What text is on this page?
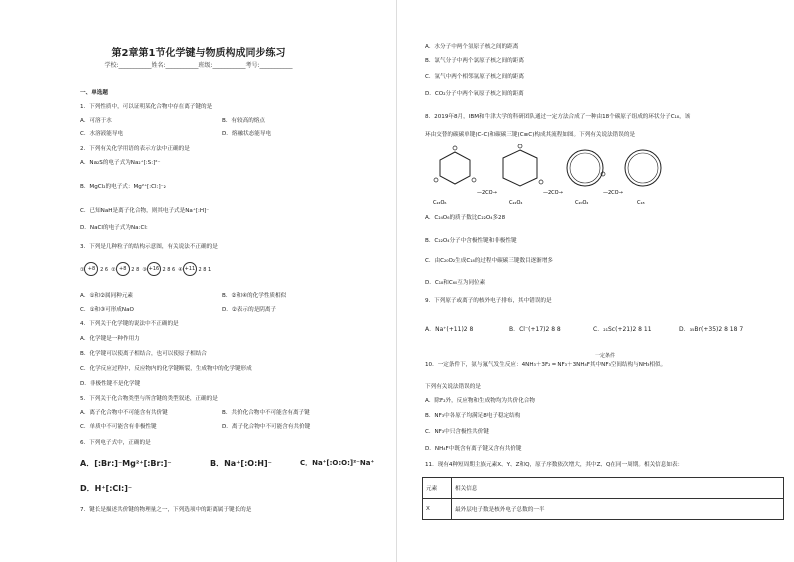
第2章第1节化学键与物质构成同步练习
学校:___________姓名:___________班级:___________考号:___________
一、单选题
1．下列性质中，可以证明某化合物中存在离子键的是
A．可溶于水	B．有较高的熔点
C．水溶液能导电	D．熔融状态能导电
2．下列有关化学用语的表示方法中正确的是
A．Na₂S的电子式为Na₂⁺[:S:]²⁻
B．MgCl₂的电子式：Mg²⁺[:Cl:]⁻₂
C．已知NaH是离子化合物，则其电子式是Na⁺[:H]⁻
D．NaCl的电子式为Na:Cl:
3．下列是几种粒子的结构示意图，有关说法不正确的是
A．①和②属同种元素	B．②和④的化学性质相似
C．①和③可形成NaO	D．②表示的是阴离子
4．下列关于化学键的说法中不正确的是
A．化学键是一种作用力
B．化学键可以使离子相结合，也可以使原子相结合
C．化学反应过程中，反应物内的化学键断裂，生成物中的化学键形成
D．非极性键不是化学键
5．下列关于化合物类型与所含键的类型叙述，正确的是
A．离子化合物中不可能含有共价键	B．共价化合物中不可能含有离子键
C．单质中不可能含有非极性键	D．离子化合物中不可能含有共价键
6．下列电子式中，正确的是
7．键长是描述共价键的物理量之一，下列选项中的距离属于键长的是
① +8 2 6 ② +8 2 8 ③ +16 2 8 6 ④ +11 2 8 1
A．[:Br:]⁻Mg²⁺[:Br:]⁻	B．Na⁺[:O:H]⁻	C．Na⁺[:O:O:]²⁻Na⁺
D．H⁺[:Cl:]⁻
A．水分子中两个氢原子核之间的距离
B．氯气分子中两个氯原子核之间的距离
C．氩气中两个相邻氩原子核之间的距离
D．CO₂分子中两个氧原子核之间的距离
8．2019年8月，IBM和牛津大学的科研团队通过一定方法合成了一种由18个碳原子组成的环状分子C₁₈，该
环由交替的碳碳单键(C-C)和碳碳三键(C≡C)构成其流程如图。下列有关说法错误的是
A．C₂₄O₆的质子数比C₂₂O₄多28
B．C₂₂O₄分子中含极性键和非极性键
C．由C₂₀O₂生成C₁₈的过程中碳碳三键数目逐渐增多
D．C₁₈和C₆₀互为同位素
9．下列原子或离子的核外电子排布，其中错误的是
10．一定条件下，氨与氟气发生反应：4NH₃＋3F₂ ═ NF₃＋3NH₄F其中NF₃空间结构与NH₃相似。
下列有关说法错误的是
A．除F₂外，反应物和生成物均为共价化合物
B．NF₃中各原子均满足8电子稳定结构
C．NF₃中只含极性共价键
D．NH₄F中既含有离子键又含有共价键
11．现有4种短周期主族元素X、Y、Z和Q，原子序数依次增大，其中Z、Q在同一周期。相关信息如表：
C₂₄O₆
—2CO→
C₂₂O₄
—2CO→
C₂₀O₂
—2CO→
C₁₈
A．Na⁺(+11)2 8	B．Cl⁻(+17)2 8 8	C．₂₁Sc(+21)2 8 11	D．₃₅Br(+35)2 8 18 7
一定条件
元素	相关信息
X	最外层电子数是核外电子总数的一半
